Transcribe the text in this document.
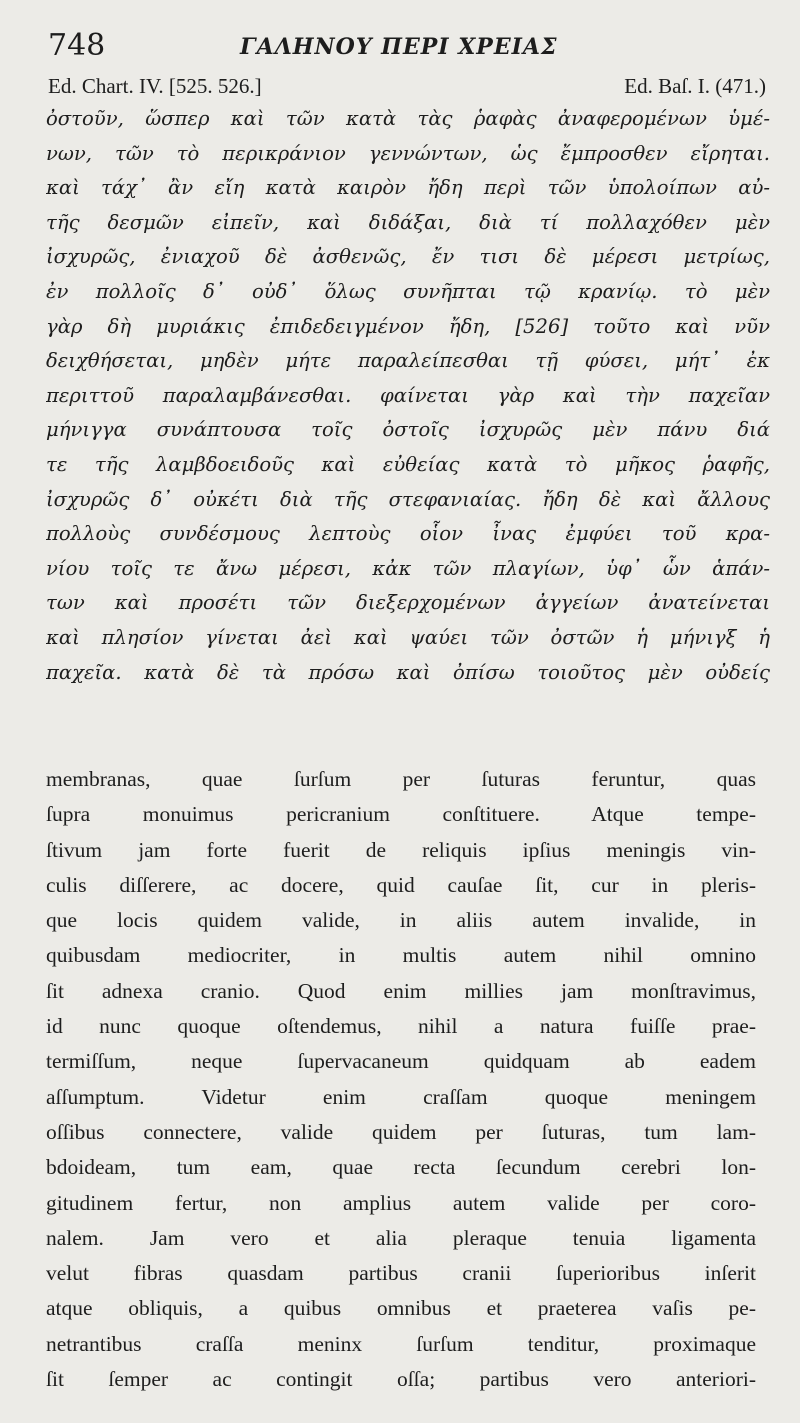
748	ΓΑΛΗΝΟΥ ΠΕΡΙ ΧΡΕΙΑΣ
Ed. Chart. IV. [525. 526.]	Ed. Baſ. I. (471.)
ὀστοῦν, ὥσπερ καὶ τῶν κατὰ τὰς ῥαφὰς ἀναφερομένων ὑμέ-
νων, τῶν τὸ περικράνιον γεννώντων, ὡς ἔμπροσθεν εἴρηται.
καὶ τάχ᾽ ἂν εἴη κατὰ καιρὸν ἤδη περὶ τῶν ὑπολοίπων αὐ-
τῆς δεσμῶν εἰπεῖν, καὶ διδάξαι, διὰ τί πολλαχόθεν μὲν
ἰσχυρῶς, ἐνιαχοῦ δὲ ἀσθενῶς, ἔν τισι δὲ μέρεσι μετρίως,
ἐν πολλοῖς δ᾽ οὐδ᾽ ὅλως συνῆπται τῷ κρανίῳ. τὸ μὲν
γὰρ δὴ μυριάκις ἐπιδεδειγμένον ἤδη, [526] τοῦτο καὶ νῦν
δειχθήσεται, μηδὲν μήτε παραλείπεσθαι τῇ φύσει, μήτ᾽ ἐκ
περιττοῦ παραλαμβάνεσθαι. φαίνεται γὰρ καὶ τὴν παχεῖαν
μήνιγγα συνάπτουσα τοῖς ὀστοῖς ἰσχυρῶς μὲν πάνυ διά
τε τῆς λαμβδοειδοῦς καὶ εὐθείας κατὰ τὸ μῆκος ῥαφῆς,
ἰσχυρῶς δ᾽ οὐκέτι διὰ τῆς στεφανιαίας. ἤδη δὲ καὶ ἄλλους
πολλοὺς συνδέσμους λεπτοὺς οἷον ἶνας ἐμφύει τοῦ κρα-
νίου τοῖς τε ἄνω μέρεσι, κἀκ τῶν πλαγίων, ὑφ᾽ ὧν ἁπάν-
των καὶ προσέτι τῶν διεξερχομένων ἀγγείων ἀνατείνεται
καὶ πλησίον γίνεται ἀεὶ καὶ ψαύει τῶν ὀστῶν ἡ μήνιγξ ἡ
παχεῖα. κατὰ δὲ τὰ πρόσω καὶ ὀπίσω τοιοῦτος μὲν οὐδείς
membranas, quae ſurſum per ſuturas feruntur, quas
ſupra monuimus pericranium conſtituere. Atque tempe-
ſtivum jam forte fuerit de reliquis ipſius meningis vin-
culis diſſerere, ac docere, quid cauſae ſit, cur in pleris-
que locis quidem valide, in aliis autem invalide, in
quibusdam mediocriter, in multis autem nihil omnino
ſit adnexa cranio. Quod enim millies jam monſtravimus,
id nunc quoque oſtendemus, nihil a natura fuiſſe prae-
termiſſum, neque ſupervacaneum quidquam ab eadem
aſſumptum. Videtur enim craſſam quoque meningem
oſſibus connectere, valide quidem per ſuturas, tum lam-
bdoideam, tum eam, quae recta ſecundum cerebri lon-
gitudinem fertur, non amplius autem valide per coro-
nalem. Jam vero et alia pleraque tenuia ligamenta
velut fibras quasdam partibus cranii ſuperioribus inſerit
atque obliquis, a quibus omnibus et praeterea vaſis pe-
netrantibus craſſa meninx ſurſum tenditur, proximaque
ſit ſemper ac contingit oſſa; partibus vero anteriori-
